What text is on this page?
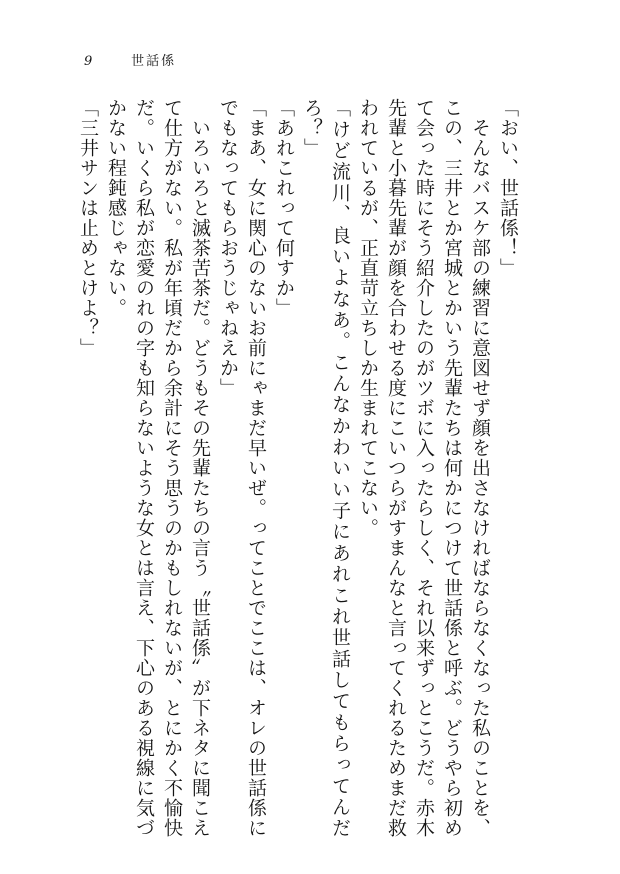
9	世話係

「おい、世話係！」

　そんなバスケ部の練習に意図せず顔を出さなければならなくなった私のことを、この、三井とか宮城とかいう先輩たちは何かにつけて世話係と呼ぶ。どうやら初めて会った時にそう紹介したのがツボに入ったらしく、それ以来ずっとこうだ。赤木先輩と小暮先輩が顔を合わせる度にこいつらがすまんなと言ってくれるためまだ救われているが、正直苛立ちしか生まれてこない。

「けど流川、良いよなあ。こんなかわいい子にあれこれ世話してもらってんだろ？」

「あれこれって何すか」

「まあ、女に関心のないお前にゃまだ早いぜ。ってことでここは、オレの世話係にでもなってもらおうじゃねえか」

　いろいろと滅茶苦茶だ。どうもその先輩たちの言う〝世話係〟が下ネタに聞こえて仕方がない。私が年頃だから余計にそう思うのかもしれないが、とにかく不愉快だ。いくら私が恋愛のれの字も知らないような女とは言え、下心のある視線に気づかない程鈍感じゃない。

「三井サンは止めとけよ？」
